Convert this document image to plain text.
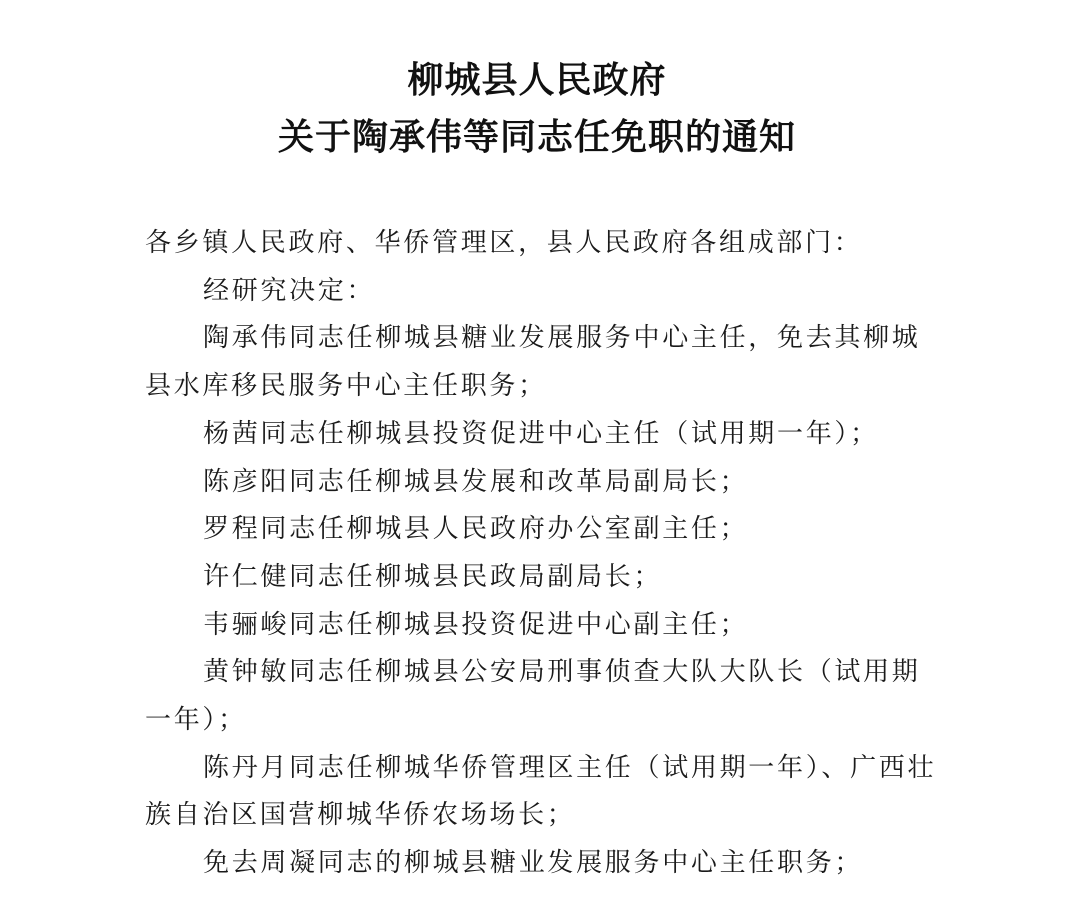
柳城县人民政府
关于陶承伟等同志任免职的通知

各乡镇人民政府、华侨管理区，县人民政府各组成部门：

经研究决定：

陶承伟同志任柳城县糖业发展服务中心主任，免去其柳城县水库移民服务中心主任职务；

杨茜同志任柳城县投资促进中心主任（试用期一年）；

陈彦阳同志任柳城县发展和改革局副局长；

罗程同志任柳城县人民政府办公室副主任；

许仁健同志任柳城县民政局副局长；

韦骊峻同志任柳城县投资促进中心副主任；

黄钟敏同志任柳城县公安局刑事侦查大队大队长（试用期一年）；

陈丹月同志任柳城华侨管理区主任（试用期一年）、广西壮族自治区国营柳城华侨农场场长；

免去周凝同志的柳城县糖业发展服务中心主任职务；
